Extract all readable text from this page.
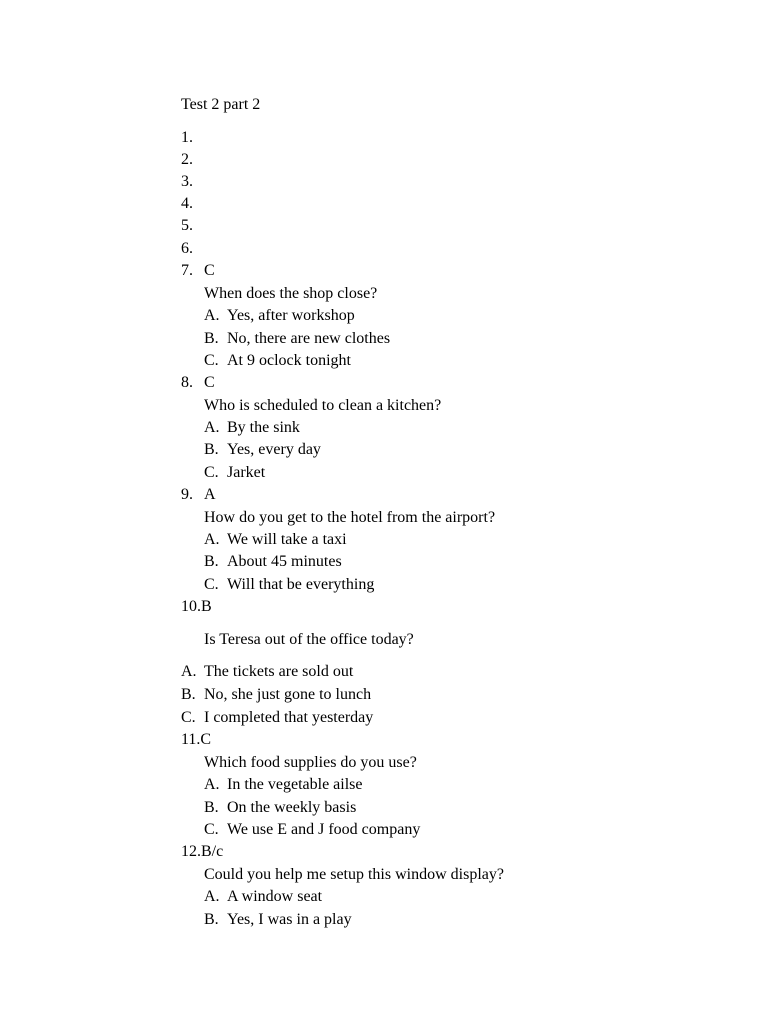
Test 2 part 2
1.
2.
3.
4.
5.
6.
7. C
When does the shop close?
A. Yes, after workshop
B. No, there are new clothes
C. At 9 oclock tonight
8. C
Who is scheduled to clean a kitchen?
A. By the sink
B. Yes, every day
C. Jarket
9. A
How do you get to the hotel from the airport?
A. We will take a taxi
B. About 45 minutes
C. Will that be everything
10.B
Is Teresa out of the office today?
A. The tickets are sold out
B. No, she just gone to lunch
C. I completed that yesterday
11.C
Which food supplies do you use?
A. In the vegetable ailse
B. On the weekly basis
C. We use E and J food company
12.B/c
Could you help me setup this window display?
A. A window seat
B. Yes, I was in a play
